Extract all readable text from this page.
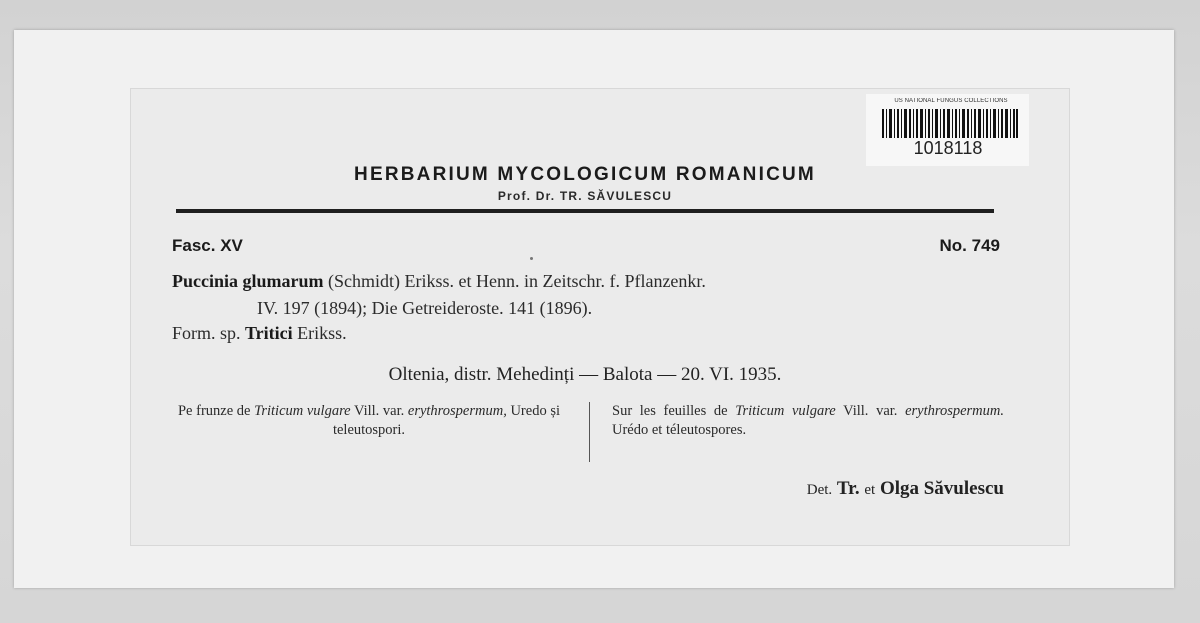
US NATIONAL FUNGUS COLLECTIONS
1018118
HERBARIUM MYCOLOGICUM ROMANICUM
Prof. Dr. TR. SĂVULESCU
Fasc. XV	No. 749
Puccinia glumarum (Schmidt) Erikss. et Henn. in Zeitschr. f. Pflanzenkr.
IV. 197 (1894); Die Getreideroste. 141 (1896).
Form. sp. Tritici Erikss.
Oltenia, distr. Mehedinți — Balota — 20. VI. 1935.
Pe frunze de Triticum vulgare Vill. var. erythrospermum, Uredo și teleutospori.
Sur les feuilles de Triticum vulgare Vill. var. erythrospermum. Urédo et téleutospores.
Det. Tr. et Olga Săvulescu
